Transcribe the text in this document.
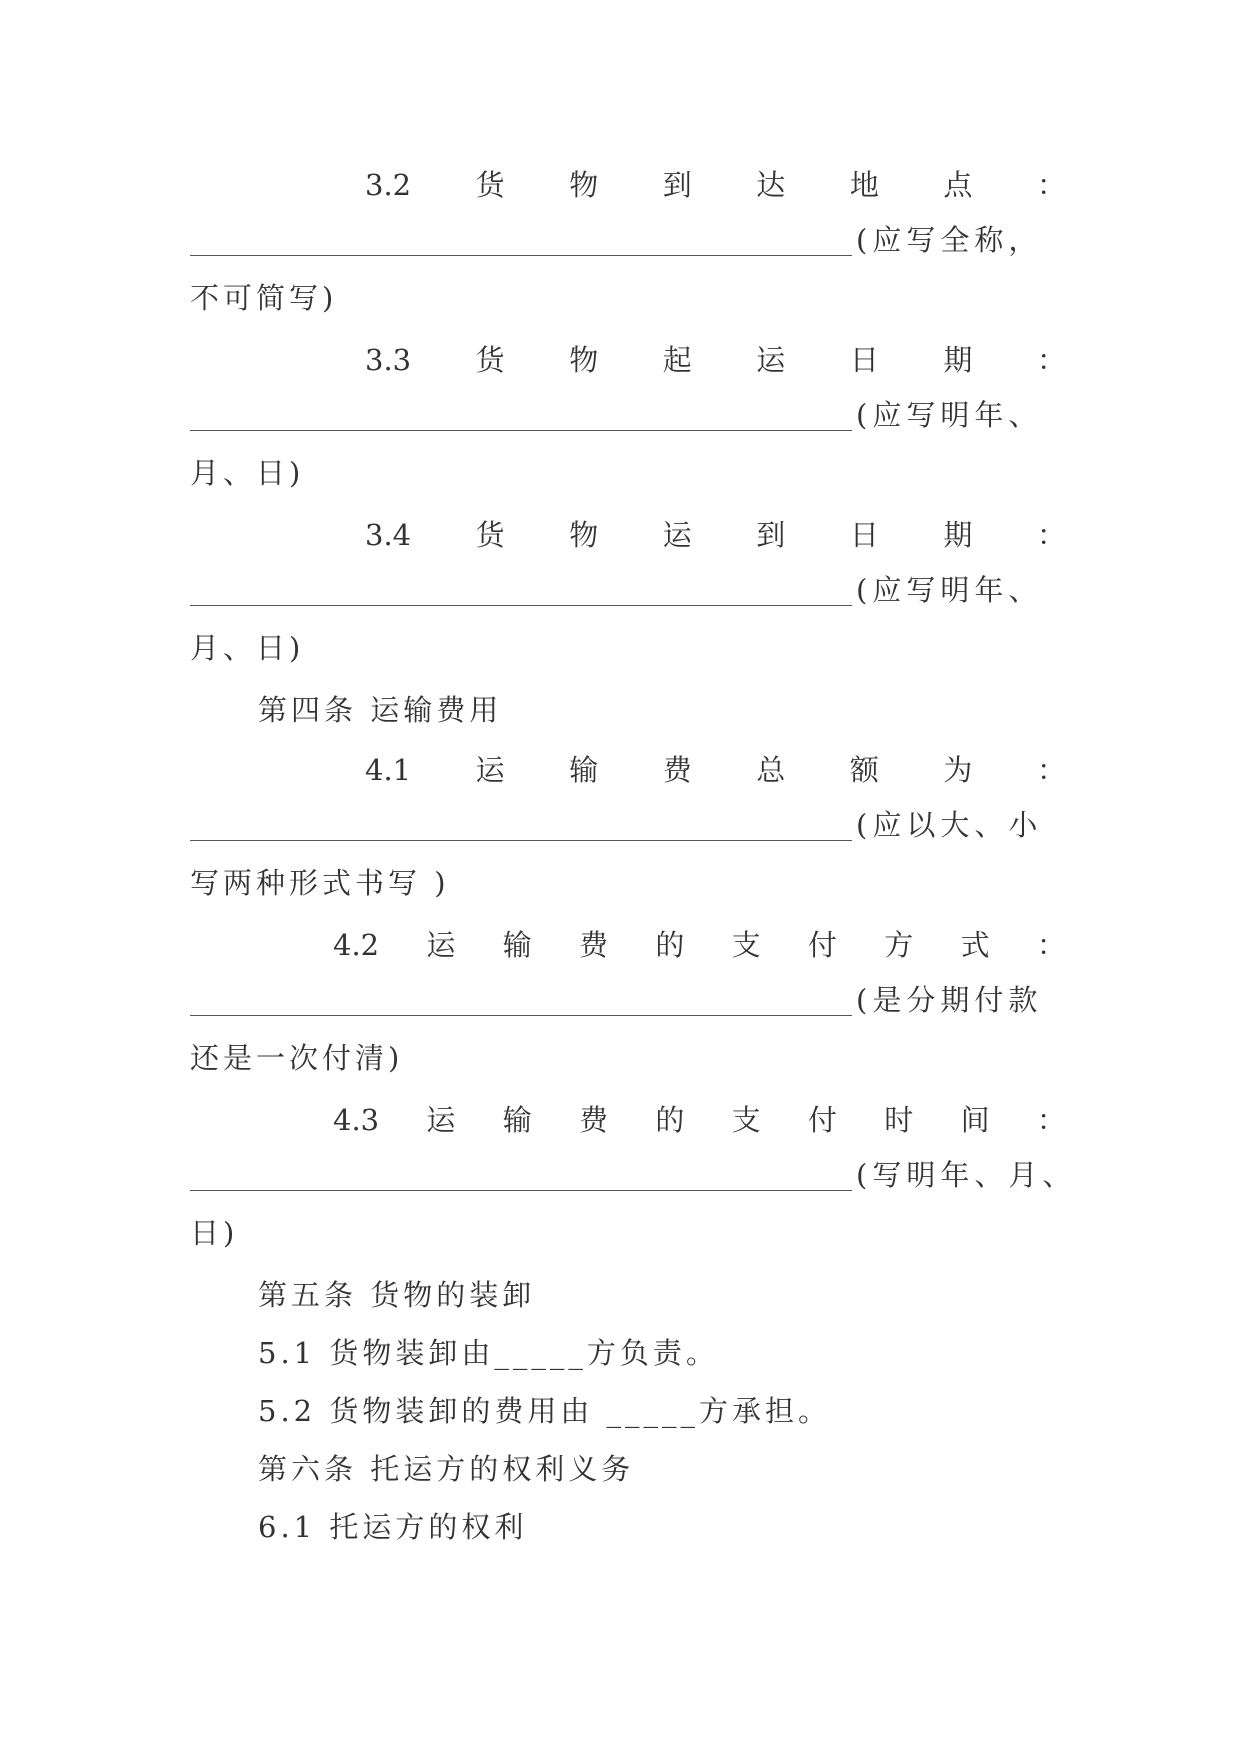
3.2 货 物 到 达 地 点 ：
(应写全称，
不可简写)
3.3 货 物 起 运 日 期 ：
(应写明年、
月、日)
3.4 货 物 运 到 日 期 ：
(应写明年、
月、日)
第四条 运输费用
4.1 运 输 费 总 额 为 ：
(应以大、小
写两种形式书写 )
4.2 运 输 费 的 支 付 方 式 ：
(是分期付款
还是一次付清)
4.3 运 输 费 的 支 付 时 间 ：
(写明年、月、
日)
第五条 货物的装卸
5.1 货物装卸由_____方负责。
5.2 货物装卸的费用由 _____方承担。
第六条 托运方的权利义务
6.1 托运方的权利
